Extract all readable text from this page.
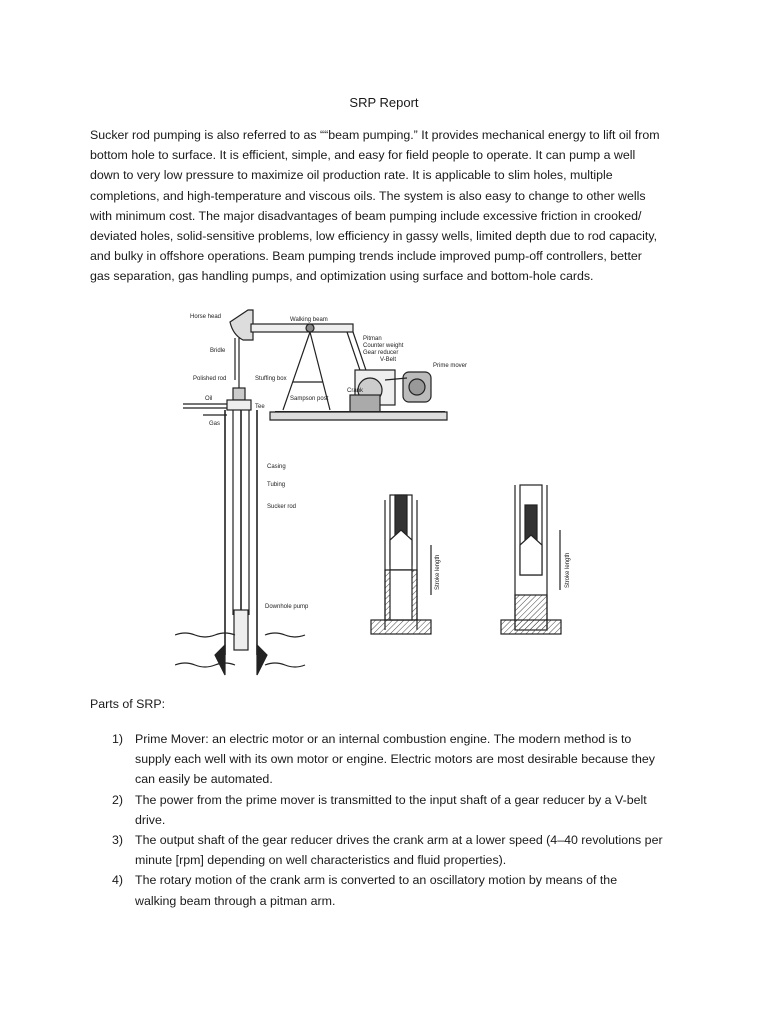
SRP Report
Sucker rod pumping is also referred to as ““beam pumping.” It provides mechanical energy to lift oil from
bottom hole to surface. It is efficient, simple, and easy for field people to operate. It can pump a well
down to very low pressure to maximize oil production rate. It is applicable to slim holes, multiple
completions, and high-temperature and viscous oils. The system is also easy to change to other wells
with minimum cost. The major disadvantages of beam pumping include excessive friction in crooked/
deviated holes, solid-sensitive problems, low efficiency in gassy wells, limited depth due to rod capacity,
and bulky in offshore operations. Beam pumping trends include improved pump-off controllers, better
gas separation, gas handling pumps, and optimization using surface and bottom-hole cards.
Horse head	Walking beam
Pitman
Counter weight
Gear reducer
V-Belt
Prime mover
Bridle
Polished rod	Stuffing box
Crank
Sampson post
Oil
Tee
Gas
Casing
Tubing
Sucker rod
Downhole pump
Stroke length	Stroke length
Parts of SRP:
1) Prime Mover: an electric motor or an internal combustion engine. The modern method is to
supply each well with its own motor or engine. Electric motors are most desirable because they
can easily be automated.
2) The power from the prime mover is transmitted to the input shaft of a gear reducer by a V-belt
drive.
3) The output shaft of the gear reducer drives the crank arm at a lower speed (4–40 revolutions per
minute [rpm] depending on well characteristics and fluid properties).
4) The rotary motion of the crank arm is converted to an oscillatory motion by means of the
walking beam through a pitman arm.
